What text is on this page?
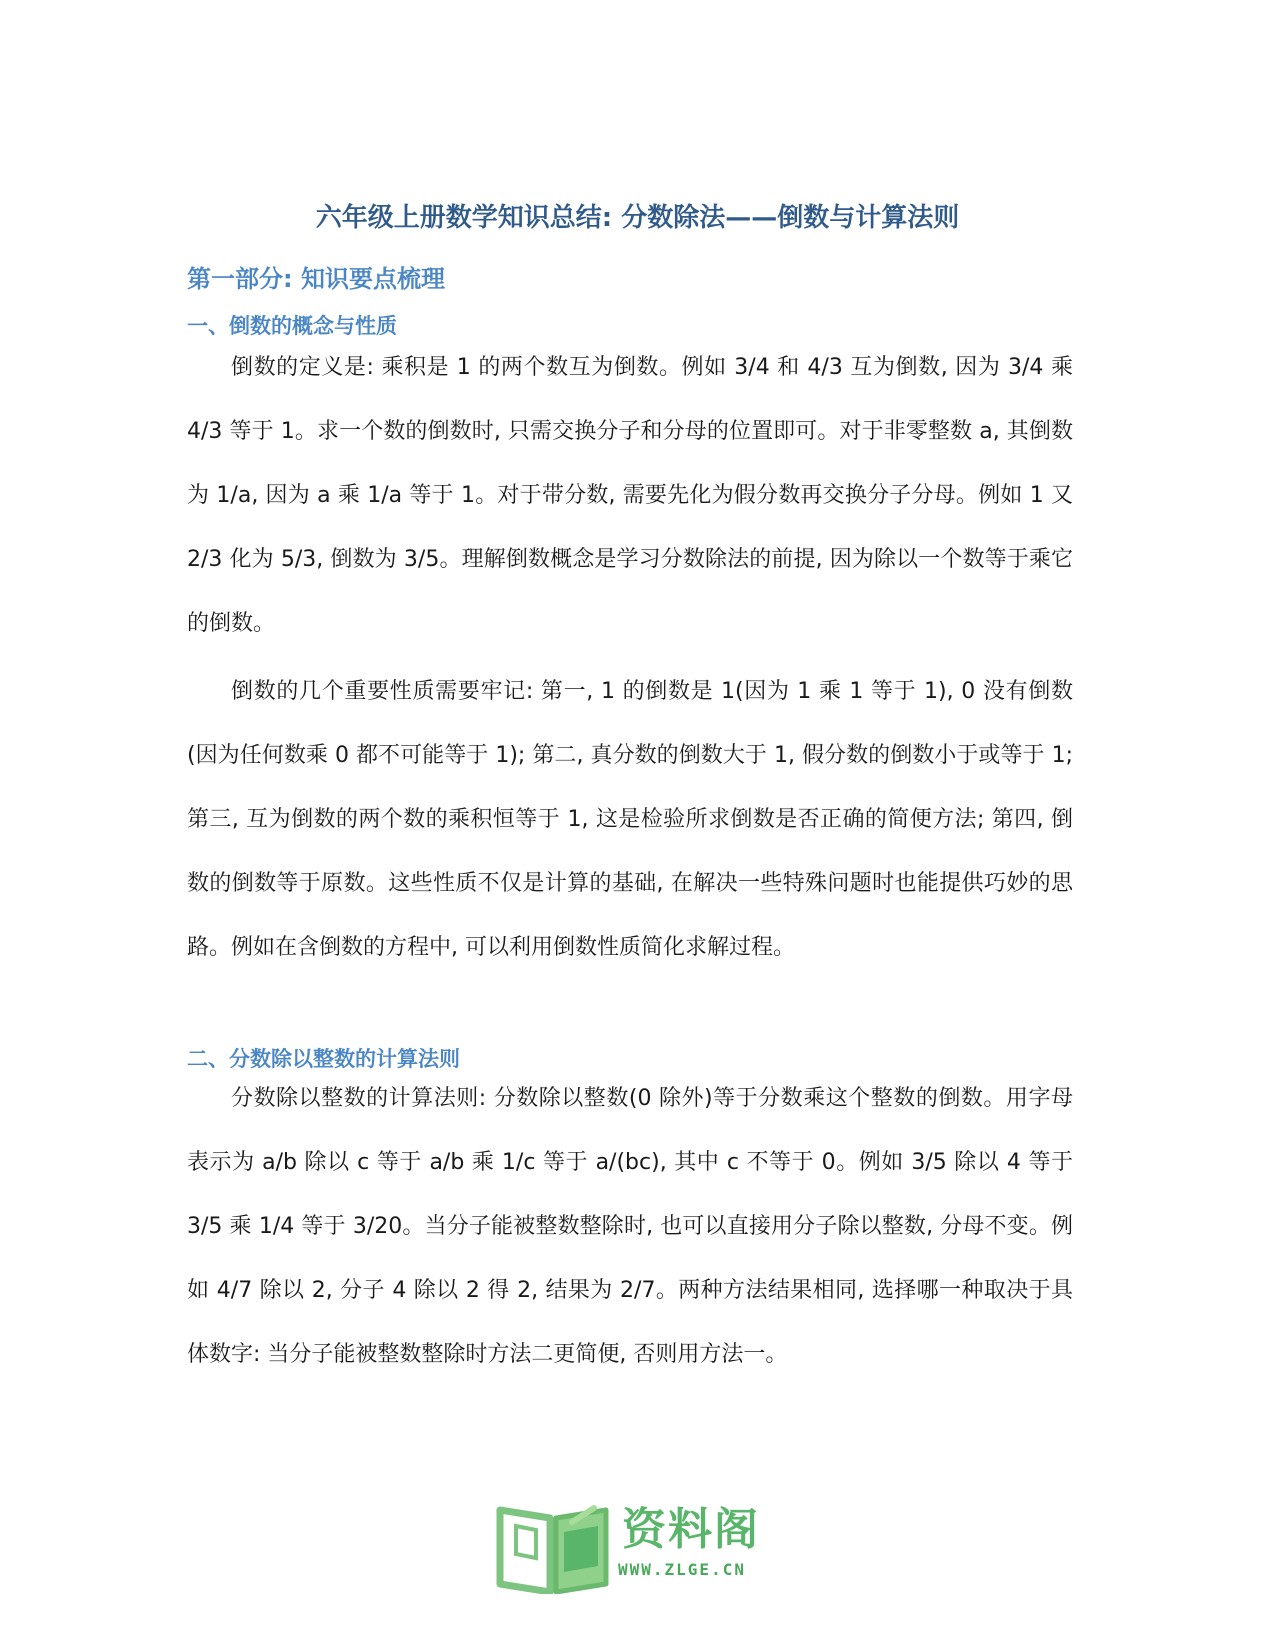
六年级上册数学知识总结: 分数除法——倒数与计算法则
第一部分: 知识要点梳理
一、倒数的概念与性质

倒数的定义是: 乘积是 1 的两个数互为倒数。例如 3/4 和 4/3 互为倒数, 因为 3/4 乘 4/3 等于 1。求一个数的倒数时, 只需交换分子和分母的位置即可。对于非零整数 a, 其倒数为 1/a, 因为 a 乘 1/a 等于 1。对于带分数, 需要先化为假分数再交换分子分母。例如 1 又 2/3 化为 5/3, 倒数为 3/5。理解倒数概念是学习分数除法的前提, 因为除以一个数等于乘它的倒数。

倒数的几个重要性质需要牢记: 第一, 1 的倒数是 1(因为 1 乘 1 等于 1), 0 没有倒数(因为任何数乘 0 都不可能等于 1); 第二, 真分数的倒数大于 1, 假分数的倒数小于或等于 1; 第三, 互为倒数的两个数的乘积恒等于 1, 这是检验所求倒数是否正确的简便方法; 第四, 倒数的倒数等于原数。这些性质不仅是计算的基础, 在解决一些特殊问题时也能提供巧妙的思路。例如在含倒数的方程中, 可以利用倒数性质简化求解过程。

二、分数除以整数的计算法则

分数除以整数的计算法则: 分数除以整数(0 除外)等于分数乘这个整数的倒数。用字母表示为 a/b 除以 c 等于 a/b 乘 1/c 等于 a/(bc), 其中 c 不等于 0。例如 3/5 除以 4 等于 3/5 乘 1/4 等于 3/20。当分子能被整数整除时, 也可以直接用分子除以整数, 分母不变。例如 4/7 除以 2, 分子 4 除以 2 得 2, 结果为 2/7。两种方法结果相同, 选择哪一种取决于具体数字: 当分子能被整数整除时方法二更简便, 否则用方法一。

资料阁
WWW.ZLGE.CN
